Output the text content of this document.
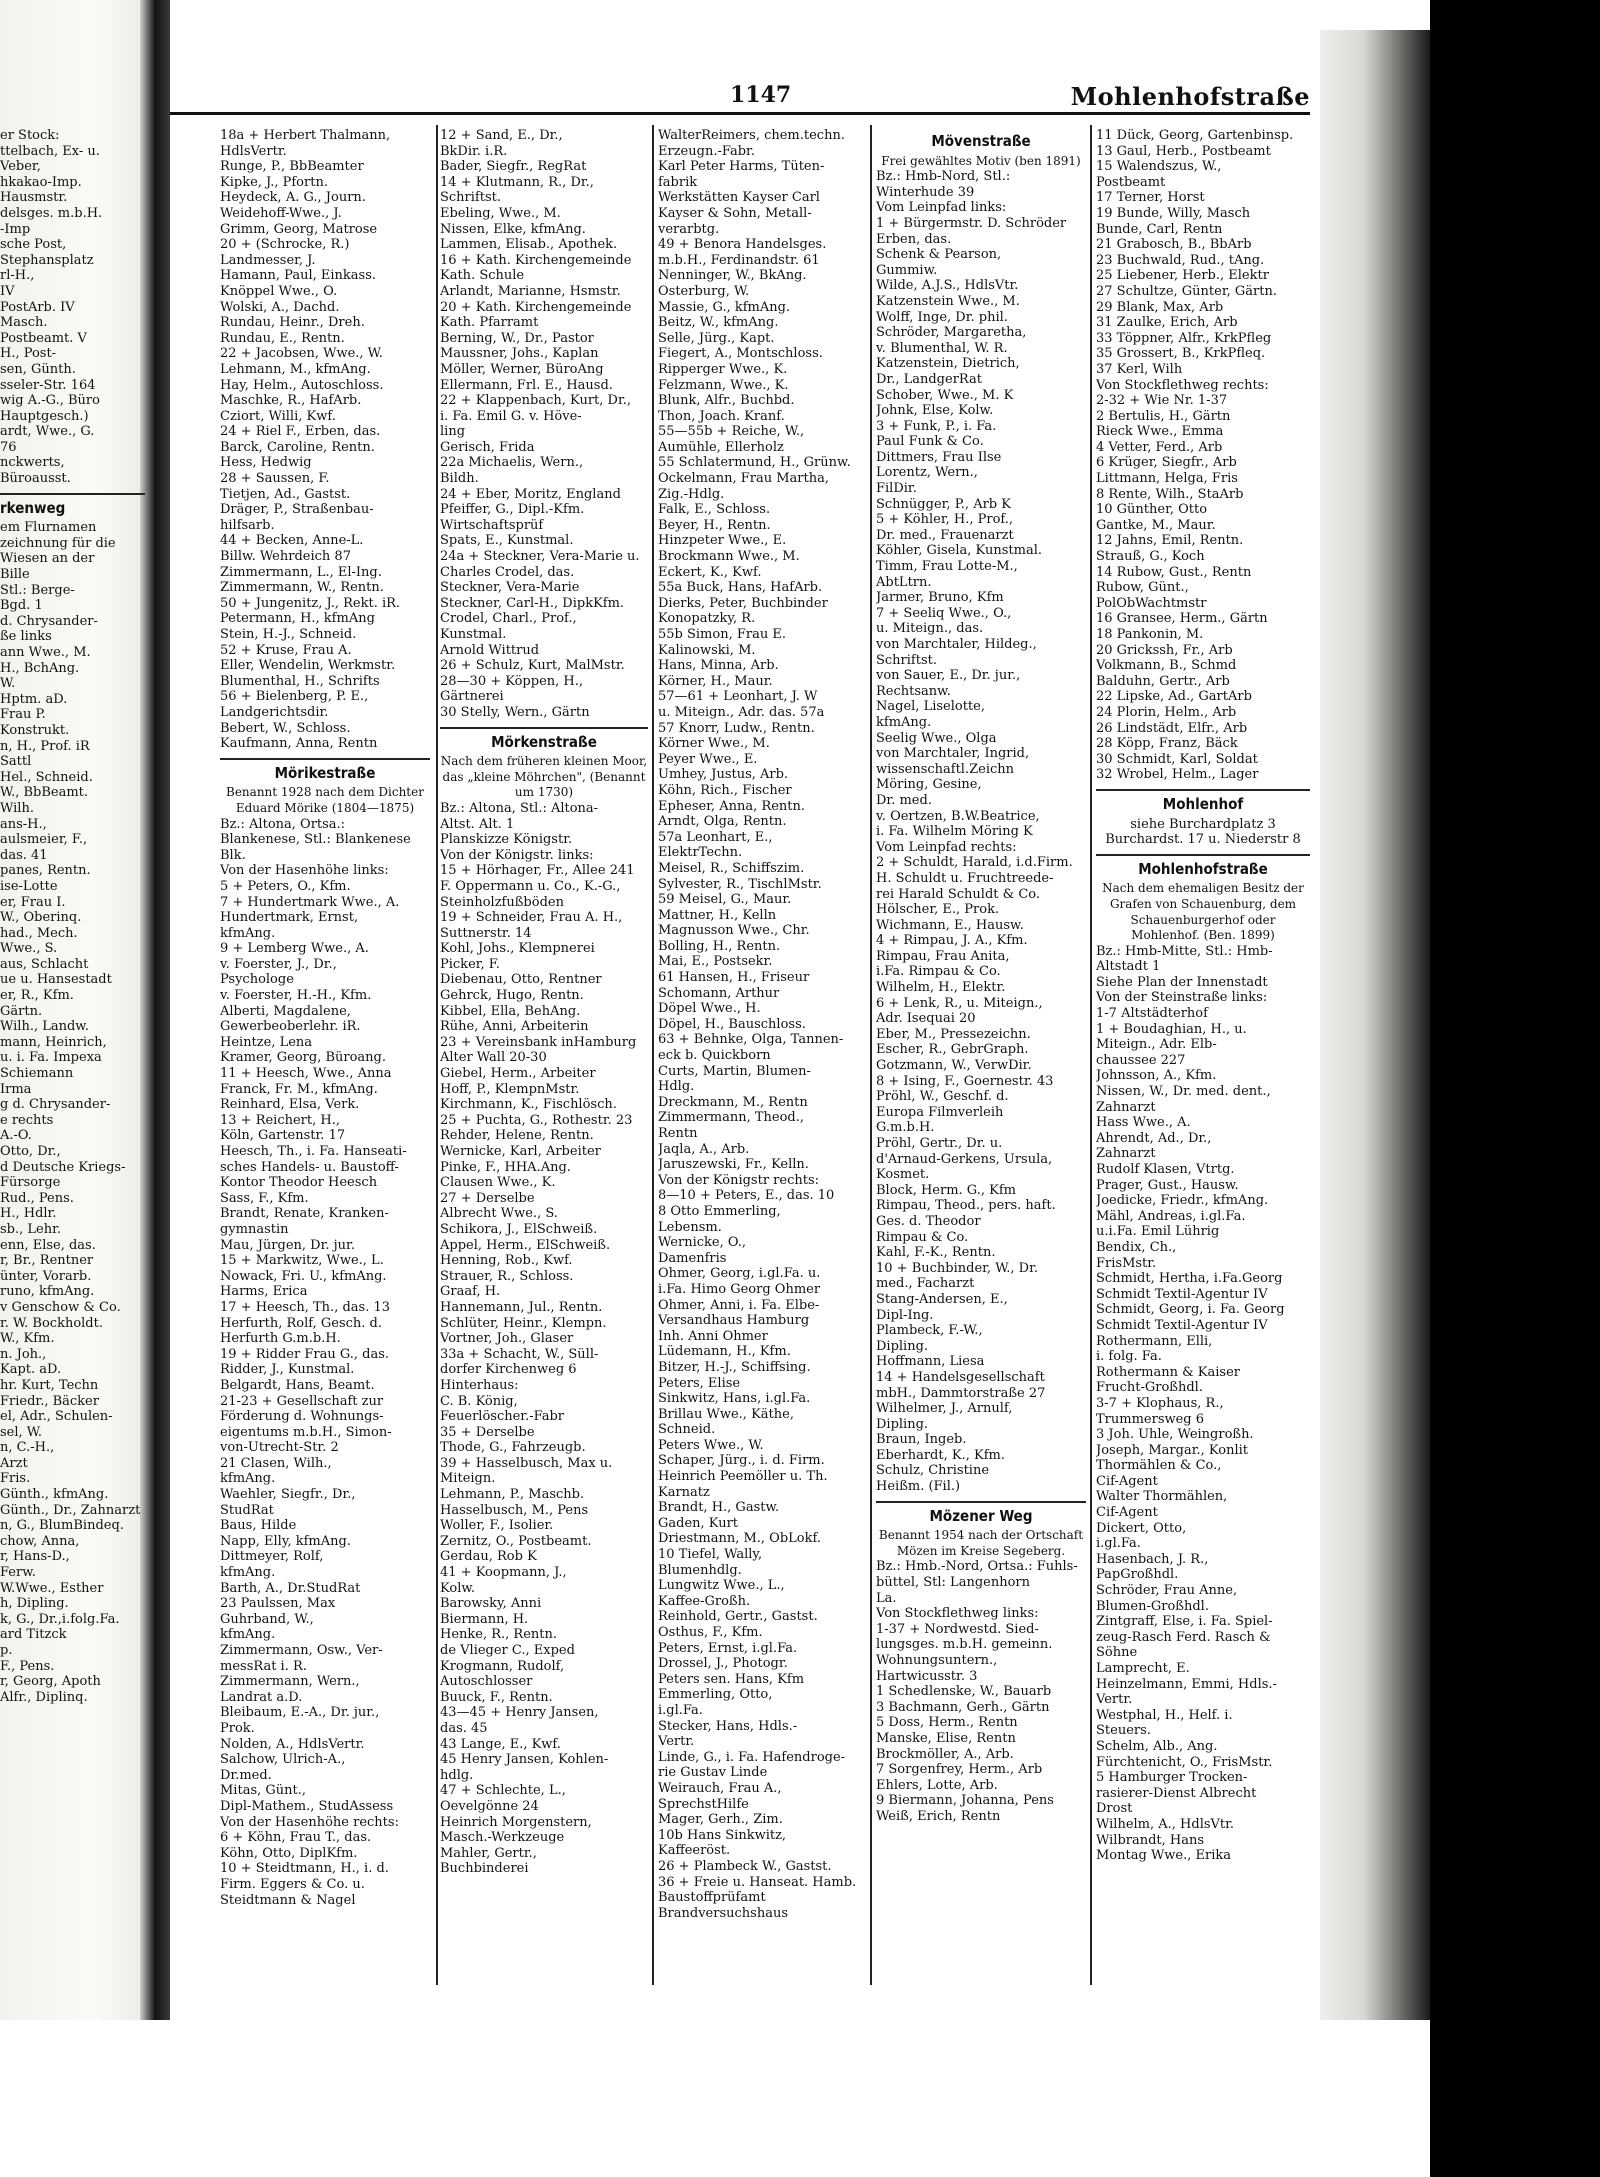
1147	Mohlenhofstraße

er Stock:

ttelbach, Ex- u.

Veber,

hkakao-Imp.

Hausmstr.

delsges. m.b.H.

-Imp

sche Post,

Stephansplatz

rl-H.,

IV

PostArb. IV

Masch.

Postbeamt. V

H., Post-

sen, Günth.

sseler-Str. 164

wig A.-G., Büro

Hauptgesch.)

ardt, Wwe., G.

76

nckwerts,

Büroausst.

rkenweg

em Flurnamen

zeichnung für die

Wiesen an der

Bille

Stl.: Berge-

Bgd. 1

d. Chrysander-

ße links

ann Wwe., M.

H., BchAng.

W.

Hptm. aD.

Frau P.

Konstrukt.

n, H., Prof. iR

Sattl

Hel., Schneid.

W., BbBeamt.

Wilh.

ans-H.,

aulsmeier, F.,

das. 41

panes, Rentn.

ise-Lotte

er, Frau I.

W., Oberinq.

had., Mech.

Wwe., S.

aus, Schlacht

ue u. Hansestadt

er, R., Kfm.

Gärtn.

Wilh., Landw.

mann, Heinrich,

u. i. Fa. Impexa

Schiemann

Irma

g d. Chrysander-

e rechts

A.-O.

Otto, Dr.,

d Deutsche Kriegs-

Fürsorge

Rud., Pens.

H., Hdlr.

sb., Lehr.

enn, Else, das.

r, Br., Rentner

ünter, Vorarb.

runo, kfmAng.

v Genschow & Co.

r. W. Bockholdt.

W., Kfm.

n. Joh.,

Kapt. aD.

hr. Kurt, Techn

Friedr., Bäcker

el, Adr., Schulen-

sel, W.

n, C.-H.,

Arzt

Fris.

Günth., kfmAng.

Günth., Dr., Zahnarzt

n, G., BlumBindeq.

chow, Anna,

r, Hans-D.,

Ferw.

W.Wwe., Esther

h, Dipling.

k, G., Dr.,i.folg.Fa.

ard Titzck

p.

F., Pens.

r, Georg, Apoth

Alfr., Diplinq.

18a + Herbert Thalmann,

HdlsVertr.

Runge, P., BbBeamter

Kipke, J., Pfortn.

Heydeck, A. G., Journ.

Weidehoff-Wwe., J.

Grimm, Georg, Matrose

20 + (Schrocke, R.)

Landmesser, J.

Hamann, Paul, Einkass.

Knöppel Wwe., O.

Wolski, A., Dachd.

Rundau, Heinr., Dreh.

Rundau, E., Rentn.

22 + Jacobsen, Wwe., W.

Lehmann, M., kfmAng.

Hay, Helm., Autoschloss.

Maschke, R., HafArb.

Cziort, Willi, Kwf.

24 + Riel F., Erben, das.

Barck, Caroline, Rentn.

Hess, Hedwig

28 + Saussen, F.

Tietjen, Ad., Gastst.

Dräger, P., Straßenbau-

hilfsarb.

44 + Becken, Anne-L.

Billw. Wehrdeich 87

Zimmermann, L., El-Ing.

Zimmermann, W., Rentn.

50 + Jungenitz, J., Rekt. iR.

Petermann, H., kfmAng

Stein, H.-J., Schneid.

52 + Kruse, Frau A.

Eller, Wendelin, Werkmstr.

Blumenthal, H., Schrifts

56 + Bielenberg, P. E.,

Landgerichtsdir.

Bebert, W., Schloss.

Kaufmann, Anna, Rentn

Mörikestraße
Benannt 1928 nach dem Dichter Eduard Mörike (1804—1875)

Bz.: Altona, Ortsa.:

Blankenese, Stl.: Blankenese

Blk.

Von der Hasenhöhe links:

5 + Peters, O., Kfm.

7 + Hundertmark Wwe., A.

Hundertmark, Ernst,

kfmAng.

9 + Lemberg Wwe., A.

v. Foerster, J., Dr.,

Psychologe

v. Foerster, H.-H., Kfm.

Alberti, Magdalene,

Gewerbeoberlehr. iR.

Heintze, Lena

Kramer, Georg, Büroang.

11 + Heesch, Wwe., Anna

Franck, Fr. M., kfmAng.

Reinhard, Elsa, Verk.

13 + Reichert, H.,

Köln, Gartenstr. 17

Heesch, Th., i. Fa. Hanseati-

sches Handels- u. Baustoff-

Kontor Theodor Heesch

Sass, F., Kfm.

Brandt, Renate, Kranken-

gymnastin

Mau, Jürgen, Dr. jur.

15 + Markwitz, Wwe., L.

Nowack, Fri. U., kfmAng.

Harms, Erica

17 + Heesch, Th., das. 13

Herfurth, Rolf, Gesch. d.

Herfurth G.m.b.H.

19 + Ridder Frau G., das.

Ridder, J., Kunstmal.

Belgardt, Hans, Beamt.

21-23 + Gesellschaft zur

Förderung d. Wohnungs-

eigentums m.b.H., Simon-

von-Utrecht-Str. 2

21 Clasen, Wilh.,

kfmAng.

Waehler, Siegfr., Dr.,

StudRat

Baus, Hilde

Napp, Elly, kfmAng.

Dittmeyer, Rolf,

kfmAng.

Barth, A., Dr.StudRat

23 Paulssen, Max

Guhrband, W.,

kfmAng.

Zimmermann, Osw., Ver-

messRat i. R.

Zimmermann, Wern.,

Landrat a.D.

Bleibaum, E.-A., Dr. jur.,

Prok.

Nolden, A., HdlsVertr.

Salchow, Ulrich-A.,

Dr.med.

Mitas, Günt.,

Dipl-Mathem., StudAssess

Von der Hasenhöhe rechts:

6 + Köhn, Frau T., das.

Köhn, Otto, DiplKfm.

10 + Steidtmann, H., i. d.

Firm. Eggers & Co. u.

Steidtmann & Nagel

12 + Sand, E., Dr.,

BkDir. i.R.

Bader, Siegfr., RegRat

14 + Klutmann, R., Dr.,

Schriftst.

Ebeling, Wwe., M.

Nissen, Elke, kfmAng.

Lammen, Elisab., Apothek.

16 + Kath. Kirchengemeinde

Kath. Schule

Arlandt, Marianne, Hsmstr.

20 + Kath. Kirchengemeinde

Kath. Pfarramt

Berning, W., Dr., Pastor

Maussner, Johs., Kaplan

Möller, Werner, BüroAng

Ellermann, Frl. E., Hausd.

22 + Klappenbach, Kurt, Dr.,

i. Fa. Emil G. v. Höve-

ling

Gerisch, Frida

22a Michaelis, Wern.,

Bildh.

24 + Eber, Moritz, England

Pfeiffer, G., Dipl.-Kfm.

Wirtschaftsprüf

Spats, E., Kunstmal.

24a + Steckner, Vera-Marie u.

Charles Crodel, das.

Steckner, Vera-Marie

Steckner, Carl-H., DipkKfm.

Crodel, Charl., Prof.,

Kunstmal.

Arnold Wittrud

26 + Schulz, Kurt, MalMstr.

28—30 + Köppen, H.,

Gärtnerei

30 Stelly, Wern., Gärtn

Mörkenstraße
Nach dem früheren kleinen Moor, das „kleine Möhrchen", (Benannt um 1730)

Bz.: Altona, Stl.: Altona-

Altst. Alt. 1

Planskizze Königstr.

Von der Königstr. links:

15 + Hörhager, Fr., Allee 241

F. Oppermann u. Co., K.-G.,

Steinholzfußböden

19 + Schneider, Frau A. H.,

Suttnerstr. 14

Kohl, Johs., Klempnerei

Picker, F.

Diebenau, Otto, Rentner

Gehrck, Hugo, Rentn.

Kibbel, Ella, BehAng.

Rühe, Anni, Arbeiterin

23 + Vereinsbank inHamburg

Alter Wall 20-30

Giebel, Herm., Arbeiter

Hoff, P., KlempnMstr.

Kirchmann, K., Fischlösch.

25 + Puchta, G., Rothestr. 23

Rehder, Helene, Rentn.

Wernicke, Karl, Arbeiter

Pinke, F., HHA.Ang.

Clausen Wwe., K.

27 + Derselbe

Albrecht Wwe., S.

Schikora, J., ElSchweiß.

Appel, Herm., ElSchweiß.

Henning, Rob., Kwf.

Strauer, R., Schloss.

Graaf, H.

Hannemann, Jul., Rentn.

Schlüter, Heinr., Klempn.

Vortner, Joh., Glaser

33a + Schacht, W., Süll-

dorfer Kirchenweg 6

Hinterhaus:

C. B. König,

Feuerlöscher.-Fabr

35 + Derselbe

Thode, G., Fahrzeugb.

39 + Hasselbusch, Max u.

Miteign.

Lehmann, P., Maschb.

Hasselbusch, M., Pens

Woller, F., Isolier.

Zernitz, O., Postbeamt.

Gerdau, Rob K

41 + Koopmann, J.,

Kolw.

Barowsky, Anni

Biermann, H.

Henke, R., Rentn.

de Vlieger C., Exped

Krogmann, Rudolf,

Autoschlosser

Buuck, F., Rentn.

43—45 + Henry Jansen,

das. 45

43 Lange, E., Kwf.

45 Henry Jansen, Kohlen-

hdlg.

47 + Schlechte, L.,

Oevelgönne 24

Heinrich Morgenstern,

Masch.-Werkzeuge

Mahler, Gertr.,

Buchbinderei

WalterReimers, chem.techn.

Erzeugn.-Fabr.

Karl Peter Harms, Tüten-

fabrik

Werkstätten Kayser Carl

Kayser & Sohn, Metall-

verarbtg.

49 + Benora Handelsges.

m.b.H., Ferdinandstr. 61

Nenninger, W., BkAng.

Osterburg, W.

Massie, G., kfmAng.

Beitz, W., kfmAng.

Selle, Jürg., Kapt.

Fiegert, A., Montschloss.

Ripperger Wwe., K.

Felzmann, Wwe., K.

Blunk, Alfr., Buchbd.

Thon, Joach. Kranf.

55—55b + Reiche, W.,

Aumühle, Ellerholz

55 Schlatermund, H., Grünw.

Ockelmann, Frau Martha,

Zig.-Hdlg.

Falk, E., Schloss.

Beyer, H., Rentn.

Hinzpeter Wwe., E.

Brockmann Wwe., M.

Eckert, K., Kwf.

55a Buck, Hans, HafArb.

Dierks, Peter, Buchbinder

Konopatzky, R.

55b Simon, Frau E.

Kalinowski, M.

Hans, Minna, Arb.

Körner, H., Maur.

57—61 + Leonhart, J. W

u. Miteign., Adr. das. 57a

57 Knorr, Ludw., Rentn.

Körner Wwe., M.

Peyer Wwe., E.

Umhey, Justus, Arb.

Köhn, Rich., Fischer

Epheser, Anna, Rentn.

Arndt, Olga, Rentn.

57a Leonhart, E.,

ElektrTechn.

Meisel, R., Schiffszim.

Sylvester, R., TischlMstr.

59 Meisel, G., Maur.

Mattner, H., Kelln

Magnusson Wwe., Chr.

Bolling, H., Rentn.

Mai, E., Postsekr.

61 Hansen, H., Friseur

Schomann, Arthur

Döpel Wwe., H.

Döpel, H., Bauschloss.

63 + Behnke, Olga, Tannen-

eck b. Quickborn

Curts, Martin, Blumen-

Hdlg.

Dreckmann, M., Rentn

Zimmermann, Theod.,

Rentn

Jaqla, A., Arb.

Jaruszewski, Fr., Kelln.

Von der Königstr rechts:

8—10 + Peters, E., das. 10

8 Otto Emmerling,

Lebensm.

Wernicke, O.,

Damenfris

Ohmer, Georg, i.gl.Fa. u.

i.Fa. Himo Georg Ohmer

Ohmer, Anni, i. Fa. Elbe-

Versandhaus Hamburg

Inh. Anni Ohmer

Lüdemann, H., Kfm.

Bitzer, H.-J., Schiffsing.

Peters, Elise

Sinkwitz, Hans, i.gl.Fa.

Brillau Wwe., Käthe,

Schneid.

Peters Wwe., W.

Schaper, Jürg., i. d. Firm.

Heinrich Peemöller u. Th.

Karnatz

Brandt, H., Gastw.

Gaden, Kurt

Driestmann, M., ObLokf.

10 Tiefel, Wally,

Blumenhdlg.

Lungwitz Wwe., L.,

Kaffee-Großh.

Reinhold, Gertr., Gastst.

Osthus, F., Kfm.

Peters, Ernst, i.gl.Fa.

Drossel, J., Photogr.

Peters sen. Hans, Kfm

Emmerling, Otto,

i.gl.Fa.

Stecker, Hans, Hdls.-

Vertr.

Linde, G., i. Fa. Hafendroge-

rie Gustav Linde

Weirauch, Frau A.,

SprechstHilfe

Mager, Gerh., Zim.

10b Hans Sinkwitz,

Kaffeeröst.

26 + Plambeck W., Gastst.

36 + Freie u. Hanseat. Hamb.

Baustoffprüfamt

Brandversuchshaus

Mövenstraße
Frei gewähltes Motiv (ben 1891)

Bz.: Hmb-Nord, Stl.:

Winterhude 39

Vom Leinpfad links:

1 + Bürgermstr. D. Schröder

Erben, das.

Schenk & Pearson,

Gummiw.

Wilde, A.J.S., HdlsVtr.

Katzenstein Wwe., M.

Wolff, Inge, Dr. phil.

Schröder, Margaretha,

v. Blumenthal, W. R.

Katzenstein, Dietrich,

Dr., LandgerRat

Schober, Wwe., M. K

Johnk, Else, Kolw.

3 + Funk, P., i. Fa.

Paul Funk & Co.

Dittmers, Frau Ilse

Lorentz, Wern.,

FilDir.

Schnügger, P., Arb K

5 + Köhler, H., Prof.,

Dr. med., Frauenarzt

Köhler, Gisela, Kunstmal.

Timm, Frau Lotte-M.,

AbtLtrn.

Jarmer, Bruno, Kfm

7 + Seeliq Wwe., O.,

u. Miteign., das.

von Marchtaler, Hildeg.,

Schriftst.

von Sauer, E., Dr. jur.,

Rechtsanw.

Nagel, Liselotte,

kfmAng.

Seelig Wwe., Olga

von Marchtaler, Ingrid,

wissenschaftl.Zeichn

Möring, Gesine,

Dr. med.

v. Oertzen, B.W.Beatrice,

i. Fa. Wilhelm Möring K

Vom Leinpfad rechts:

2 + Schuldt, Harald, i.d.Firm.

H. Schuldt u. Fruchtreede-

rei Harald Schuldt & Co.

Hölscher, E., Prok.

Wichmann, E., Hausw.

4 + Rimpau, J. A., Kfm.

Rimpau, Frau Anita,

i.Fa. Rimpau & Co.

Wilhelm, H., Elektr.

6 + Lenk, R., u. Miteign.,

Adr. Isequai 20

Eber, M., Pressezeichn.

Escher, R., GebrGraph.

Gotzmann, W., VerwDir.

8 + Ising, F., Goernestr. 43

Pröhl, W., Geschf. d.

Europa Filmverleih

G.m.b.H.

Pröhl, Gertr., Dr. u.

d'Arnaud-Gerkens, Ursula,

Kosmet.

Block, Herm. G., Kfm

Rimpau, Theod., pers. haft.

Ges. d. Theodor

Rimpau & Co.

Kahl, F.-K., Rentn.

10 + Buchbinder, W., Dr.

med., Facharzt

Stang-Andersen, E.,

Dipl-Ing.

Plambeck, F.-W.,

Dipling.

Hoffmann, Liesa

14 + Handelsgesellschaft

mbH., Dammtorstraße 27

Wilhelmer, J., Arnulf,

Dipling.

Braun, Ingeb.

Eberhardt, K., Kfm.

Schulz, Christine

Heißm. (Fil.)

Mözener Weg
Benannt 1954 nach der Ortschaft Mözen im Kreise Segeberg.

Bz.: Hmb.-Nord, Ortsa.: Fuhls-

büttel, Stl: Langenhorn

La.

Von Stockflethweg links:

1-37 + Nordwestd. Sied-

lungsges. m.b.H. gemeinn.

Wohnungsuntern.,

Hartwicusstr. 3

1 Schedlenske, W., Bauarb

3 Bachmann, Gerh., Gärtn

5 Doss, Herm., Rentn

Manske, Elise, Rentn

Brockmöller, A., Arb.

7 Sorgenfrey, Herm., Arb

Ehlers, Lotte, Arb.

9 Biermann, Johanna, Pens

Weiß, Erich, Rentn

11 Dück, Georg, Gartenbinsp.

13 Gaul, Herb., Postbeamt

15 Walendszus, W.,

Postbeamt

17 Terner, Horst

19 Bunde, Willy, Masch

Bunde, Carl, Rentn

21 Grabosch, B., BbArb

23 Buchwald, Rud., tAng.

25 Liebener, Herb., Elektr

27 Schultze, Günter, Gärtn.

29 Blank, Max, Arb

31 Zaulke, Erich, Arb

33 Töppner, Alfr., KrkPfleg

35 Grossert, B., KrkPfleq.

37 Kerl, Wilh

Von Stockflethweg rechts:

2-32 + Wie Nr. 1-37

2 Bertulis, H., Gärtn

Rieck Wwe., Emma

4 Vetter, Ferd., Arb

6 Krüger, Siegfr., Arb

Littmann, Helga, Fris

8 Rente, Wilh., StaArb

10 Günther, Otto

Gantke, M., Maur.

12 Jahns, Emil, Rentn.

Strauß, G., Koch

14 Rubow, Gust., Rentn

Rubow, Günt.,

PolObWachtmstr

16 Gransee, Herm., Gärtn

18 Pankonin, M.

20 Grickssh, Fr., Arb

Volkmann, B., Schmd

Balduhn, Gertr., Arb

22 Lipske, Ad., GartArb

24 Plorin, Helm., Arb

26 Lindstädt, Elfr., Arb

28 Köpp, Franz, Bäck

30 Schmidt, Karl, Soldat

32 Wrobel, Helm., Lager

Mohlenhof

siehe Burchardplatz 3

Burchardst. 17 u. Niederstr 8

Mohlenhofstraße
Nach dem ehemaligen Besitz der Grafen von Schauenburg, dem Schauenburgerhof oder Mohlenhof. (Ben. 1899)

Bz.: Hmb-Mitte, Stl.: Hmb-

Altstadt 1

Siehe Plan der Innenstadt

Von der Steinstraße links:

1-7 Altstädterhof

1 + Boudaghian, H., u.

Miteign., Adr. Elb-

chaussee 227

Johnsson, A., Kfm.

Nissen, W., Dr. med. dent.,

Zahnarzt

Hass Wwe., A.

Ahrendt, Ad., Dr.,

Zahnarzt

Rudolf Klasen, Vtrtg.

Prager, Gust., Hausw.

Joedicke, Friedr., kfmAng.

Mähl, Andreas, i.gl.Fa.

u.i.Fa. Emil Lührig

Bendix, Ch.,

FrisMstr.

Schmidt, Hertha, i.Fa.Georg

Schmidt Textil-Agentur IV

Schmidt, Georg, i. Fa. Georg

Schmidt Textil-Agentur IV

Rothermann, Elli,

i. folg. Fa.

Rothermann & Kaiser

Frucht-Großhdl.

3-7 + Klophaus, R.,

Trummersweg 6

3 Joh. Uhle, Weingroßh.

Joseph, Margar., Konlit

Thormählen & Co.,

Cif-Agent

Walter Thormählen,

Cif-Agent

Dickert, Otto,

i.gl.Fa.

Hasenbach, J. R.,

PapGroßhdl.

Schröder, Frau Anne,

Blumen-Großhdl.

Zintgraff, Else, i. Fa. Spiel-

zeug-Rasch Ferd. Rasch &

Söhne

Lamprecht, E.

Heinzelmann, Emmi, Hdls.-

Vertr.

Westphal, H., Helf. i.

Steuers.

Schelm, Alb., Ang.

Fürchtenicht, O., FrisMstr.

5 Hamburger Trocken-

rasierer-Dienst Albrecht

Drost

Wilhelm, A., HdlsVtr.

Wilbrandt, Hans

Montag Wwe., Erika
